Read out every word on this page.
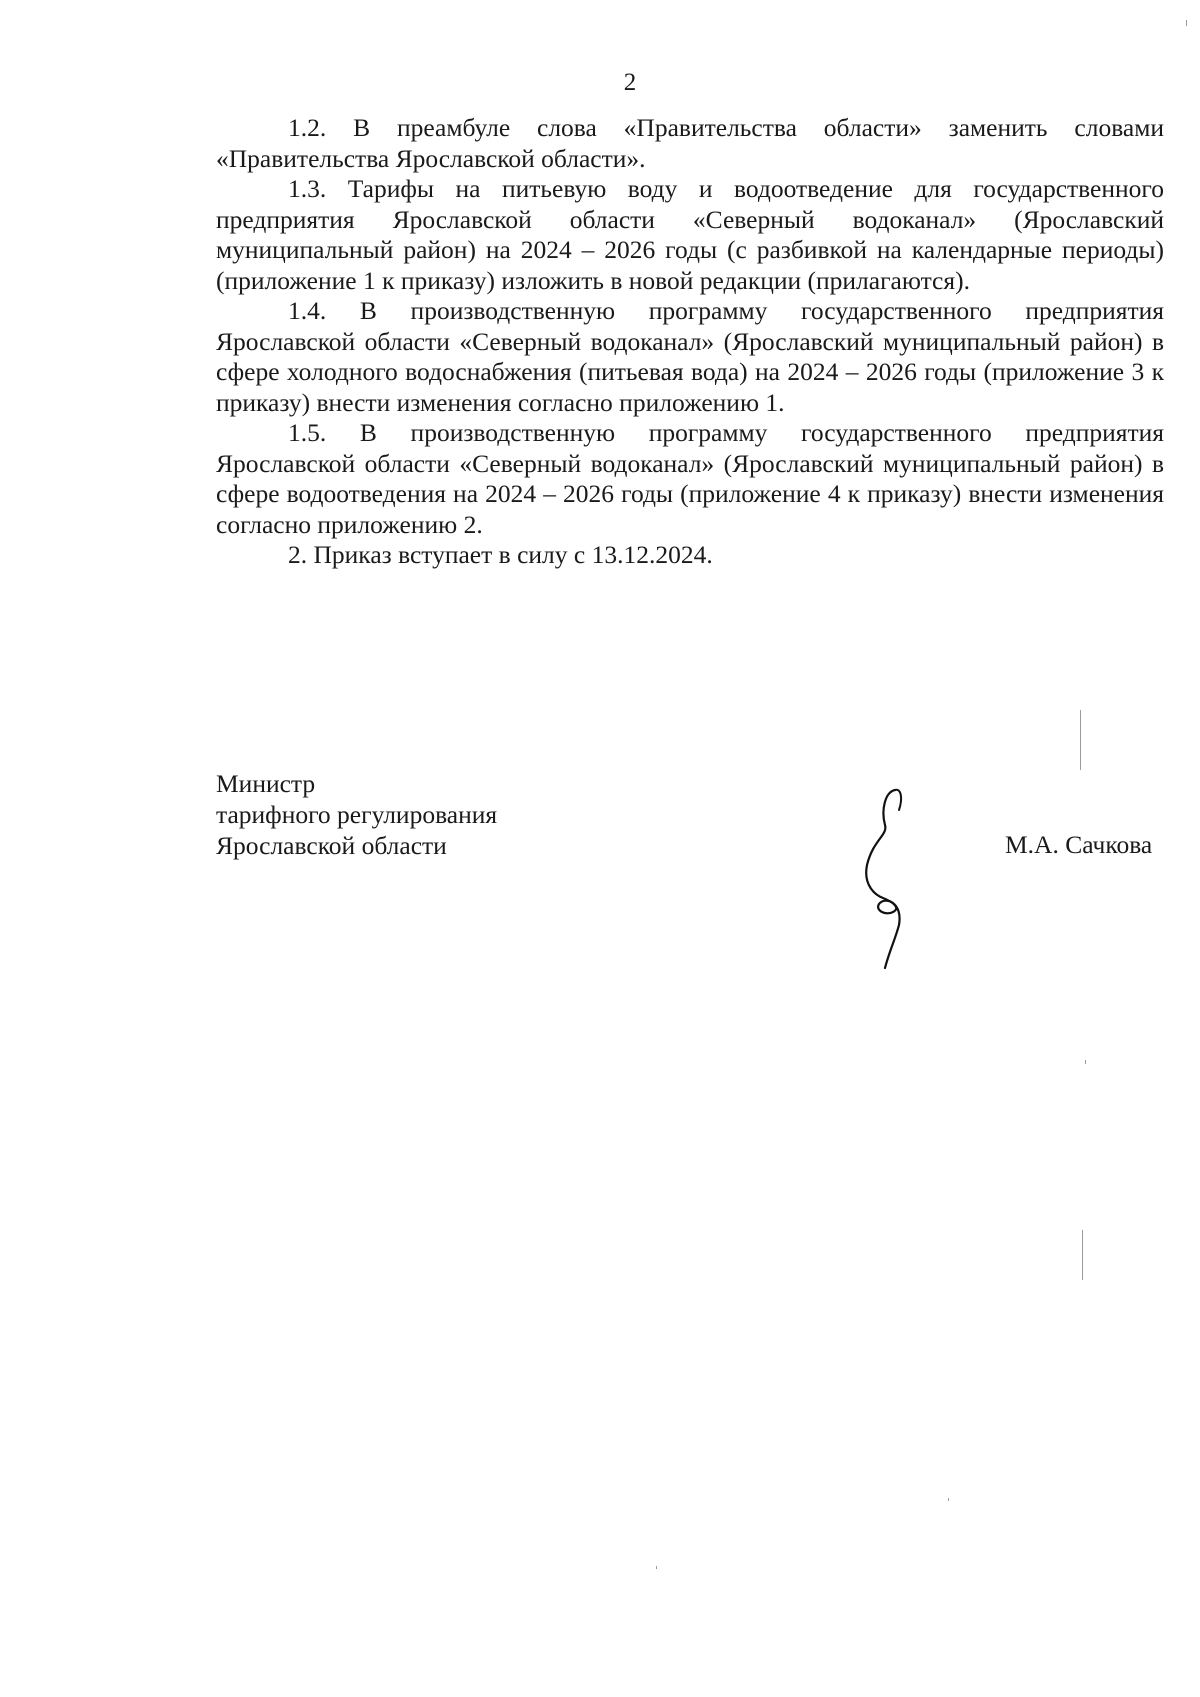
2

1.2. В преамбуле слова «Правительства области» заменить словами «Правительства Ярославской области».

1.3. Тарифы на питьевую воду и водоотведение для государственного предприятия Ярославской области «Северный водоканал» (Ярославский муниципальный район) на 2024 – 2026 годы (с разбивкой на календарные периоды) (приложение 1 к приказу) изложить в новой редакции (прилагаются).

1.4. В производственную программу государственного предприятия Ярославской области «Северный водоканал» (Ярославский муниципальный район) в сфере холодного водоснабжения (питьевая вода) на 2024 – 2026 годы (приложение 3 к приказу) внести изменения согласно приложению 1.

1.5. В производственную программу государственного предприятия Ярославской области «Северный водоканал» (Ярославский муниципальный район) в сфере водоотведения на 2024 – 2026 годы (приложение 4 к приказу) внести изменения согласно приложению 2.

2. Приказ вступает в силу с 13.12.2024.

Министр
тарифного регулирования
Ярославской области	М.А. Сачкова
